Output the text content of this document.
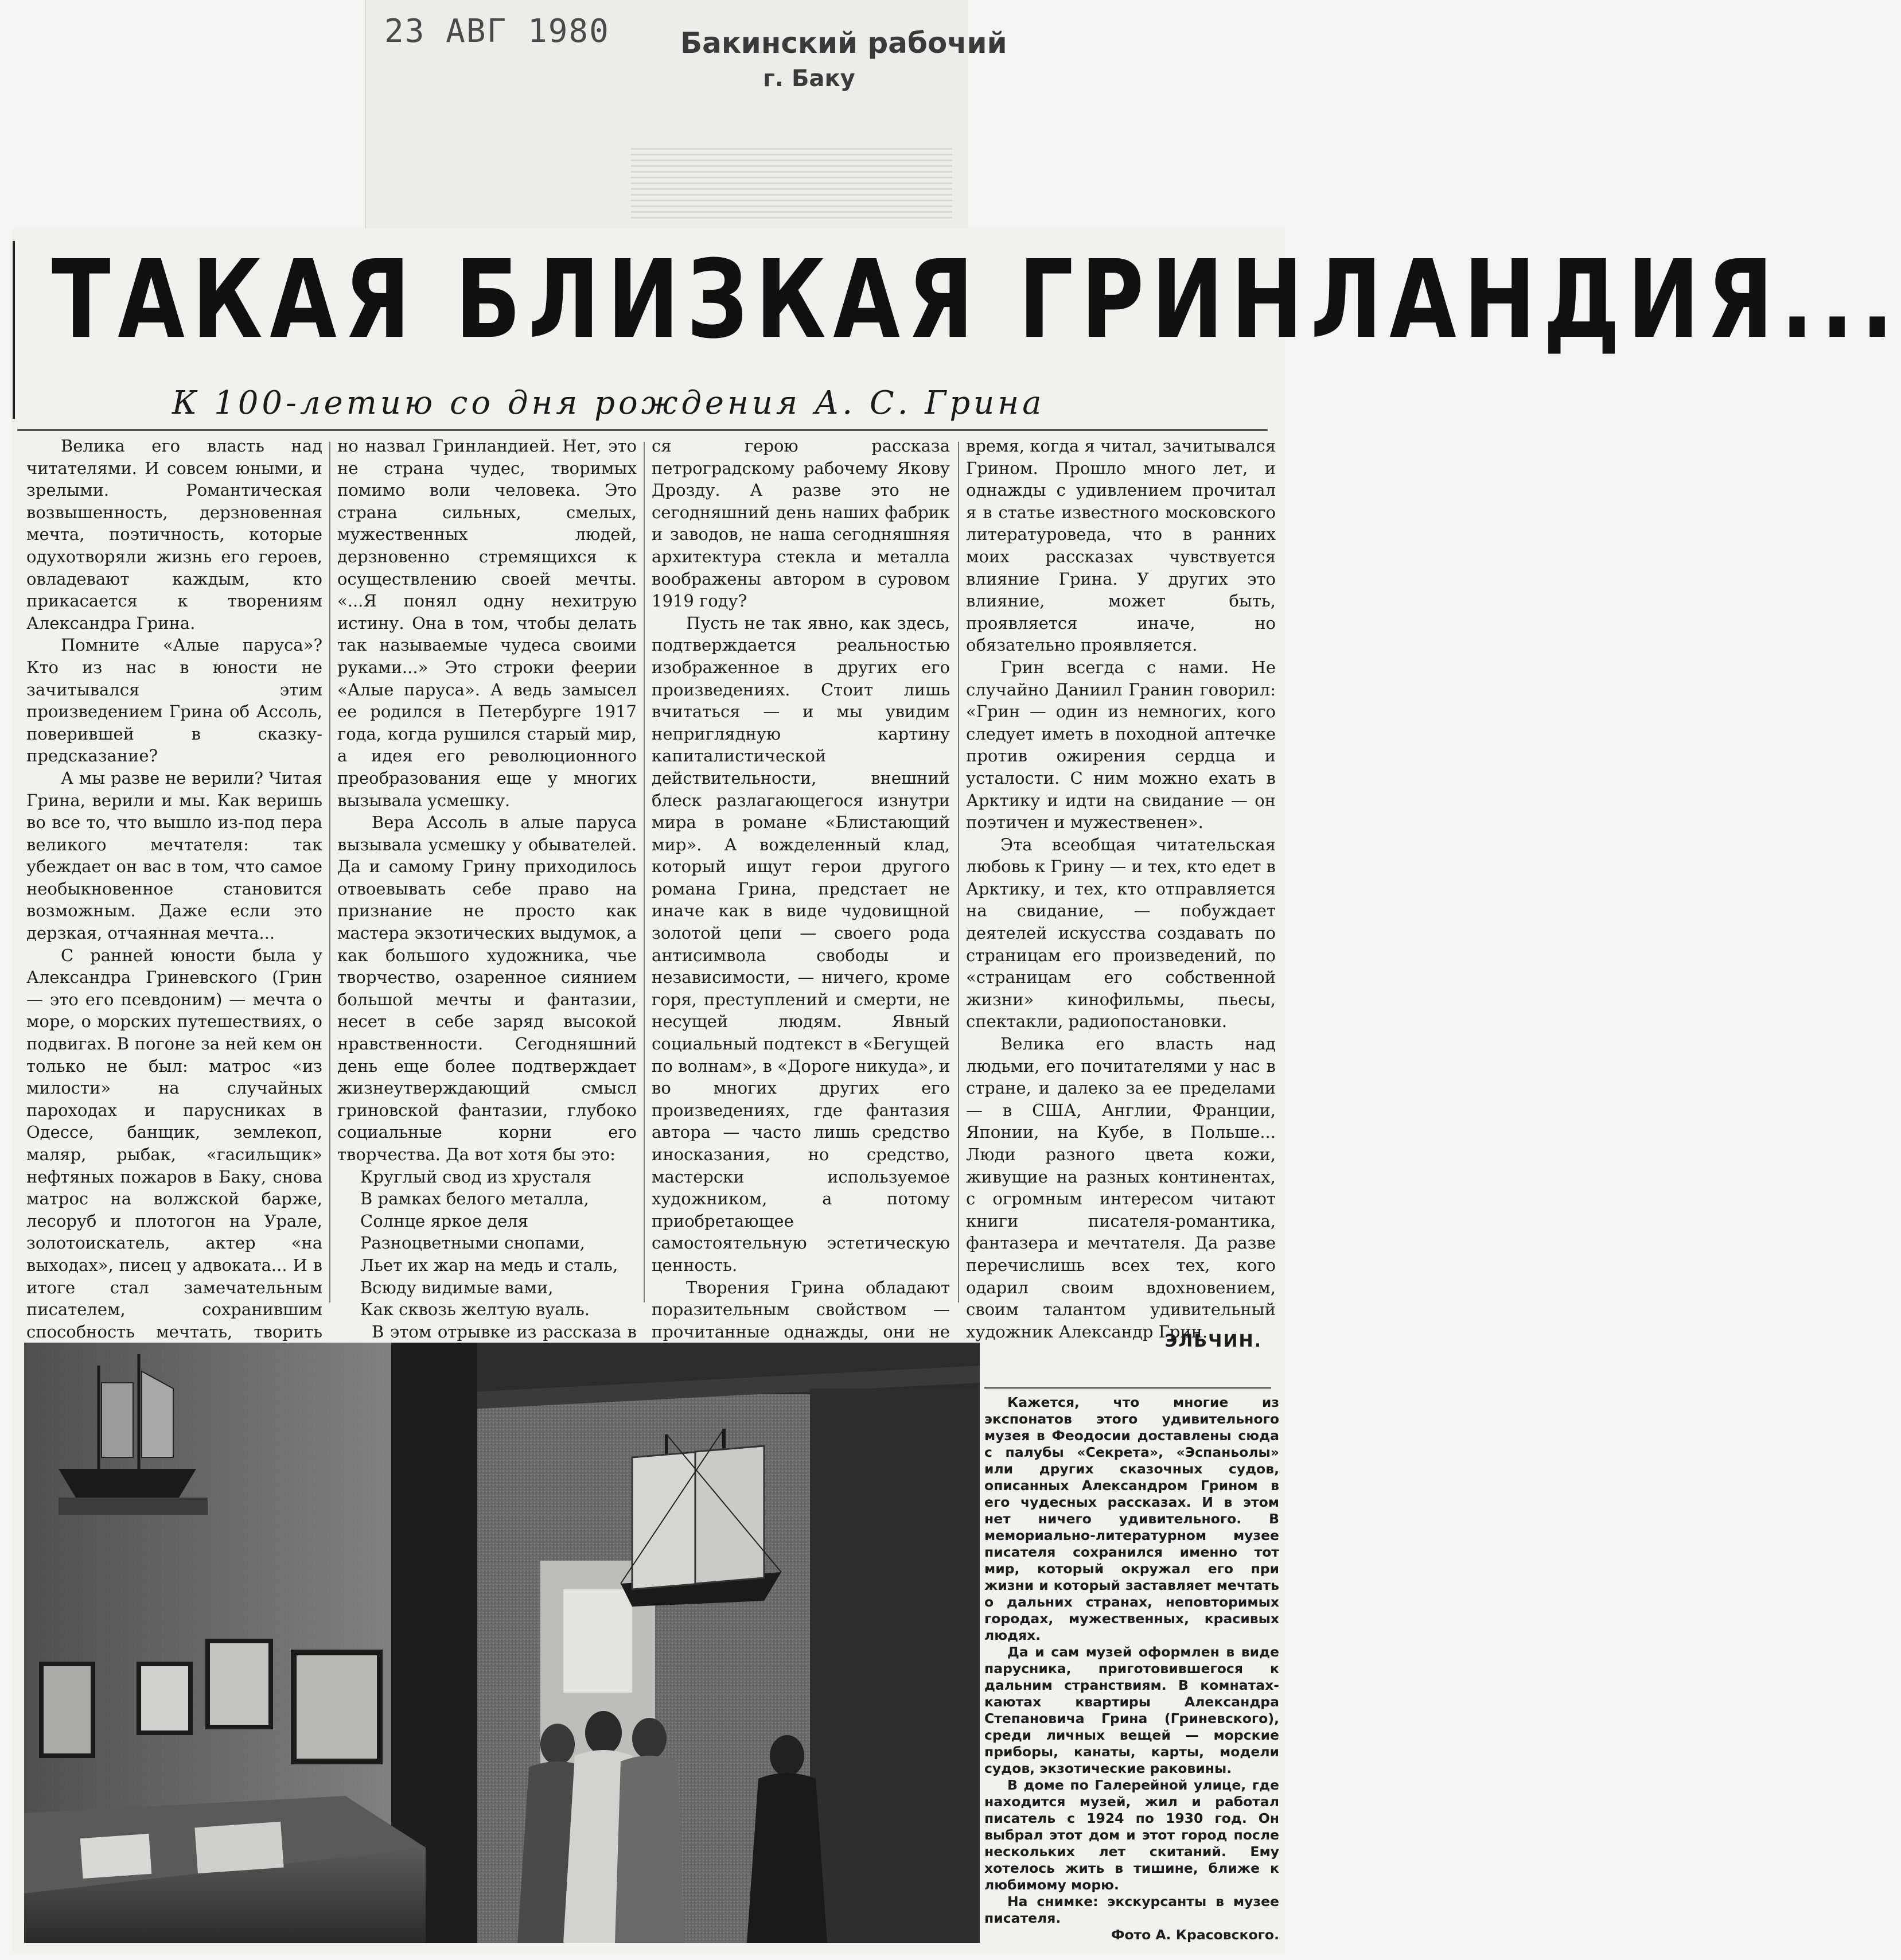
23 АВГ 1980 Бакинский рабочий
г. Баку
ТАКАЯ БЛИЗКАЯ ГРИНЛАНДИЯ...
К 100-летию со дня рождения А. С. Грина

Велика его власть над читателями. И совсем юными, и зрелыми. Романтическая возвышенность, дерзновенная мечта, поэтичность, которые одухотворяли жизнь его героев, овладевают каждым, кто прикасается к творениям Александра Грина.

Помните «Алые паруса»? Кто из нас в юности не зачитывался этим произведением Грина об Ассоль, поверившей в сказку-предсказание?

А мы разве не верили? Читая Грина, верили и мы. Как веришь во все то, что вышло из-под пера великого мечтателя: так убеждает он вас в том, что самое необыкновенное становится возможным. Даже если это дерзкая, отчаянная мечта...

С ранней юности была у Александра Гриневского (Грин — это его псевдоним) — мечта о море, о морских путешествиях, о подвигах. В погоне за ней кем он только не был: матрос «из милости» на случайных пароходах и парусниках в Одессе, банщик, землекоп, маляр, рыбак, «гасильщик» нефтяных пожаров в Баку, снова матрос на волжской барже, лесоруб и плотогон на Урале, золотоискатель, актер «на выходах», писец у адвоката... И в итоге стал замечательным писателем, сохранившим способность мечтать, творить

но назвал Гринландией. Нет, это не страна чудес, творимых помимо воли человека. Это страна сильных, смелых, мужественных людей, дерзновенно стремящихся к осуществлению своей мечты. «...Я понял одну нехитрую истину. Она в том, чтобы делать так называемые чудеса своими руками...» Это строки феерии «Алые паруса». А ведь замысел ее родился в Петербурге 1917 года, когда рушился старый мир, а идея его революционного преобразования еще у многих вызывала усмешку.

Вера Ассоль в алые паруса вызывала усмешку у обывателей. Да и самому Грину приходилось отвоевывать себе право на признание не просто как мастера экзотических выдумок, а как большого художника, чье творчество, озаренное сиянием большой мечты и фантазии, несет в себе заряд высокой нравственности. Сегодняшний день еще более подтверждает жизнеутверждающий смысл гриновской фантазии, глубоко социальные корни его творчества. Да вот хотя бы это:

Круглый свод из хрусталя

В рамках белого металла,

Солнце яркое деля

Разноцветными снопами,

Льет их жар на медь и сталь,

Всюду видимые вами,

Как сквозь желтую вуаль.

В этом отрывке из рассказа в

ся герою рассказа петроградскому рабочему Якову Дрозду. А разве это не сегодняшний день наших фабрик и заводов, не наша сегодняшняя архитектура стекла и металла воображены автором в суровом 1919 году?

Пусть не так явно, как здесь, подтверждается реальностью изображенное в других его произведениях. Стоит лишь вчитаться — и мы увидим неприглядную картину капиталистической действительности, внешний блеск разлагающегося изнутри мира в романе «Блистающий мир». А вожделенный клад, который ищут герои другого романа Грина, предстает не иначе как в виде чудовищной золотой цепи — своего рода антисимвола свободы и независимости, — ничего, кроме горя, преступлений и смерти, не несущей людям. Явный социальный подтекст в «Бегущей по волнам», в «Дороге никуда», и во многих других его произведениях, где фантазия автора — часто лишь средство иносказания, но средство, мастерски используемое художником, а потому приобретающее самостоятельную эстетическую ценность.

Творения Грина обладают поразительным свойством — прочитанные однажды, они не

время, когда я читал, зачитывался Грином. Прошло много лет, и однажды с удивлением прочитал я в статье известного московского литературоведа, что в ранних моих рассказах чувствуется влияние Грина. У других это влияние, может быть, проявляется иначе, но обязательно проявляется.

Грин всегда с нами. Не случайно Даниил Гранин говорил: «Грин — один из немногих, кого следует иметь в походной аптечке против ожирения сердца и усталости. С ним можно ехать в Арктику и идти на свидание — он поэтичен и мужественен».

Эта всеобщая читательская любовь к Грину — и тех, кто едет в Арктику, и тех, кто отправляется на свидание, — побуждает деятелей искусства создавать по страницам его произведений, по «страницам его собственной жизни» кинофильмы, пьесы, спектакли, радиопостановки.

Велика его власть над людьми, его почитателями у нас в стране, и далеко за ее пределами — в США, Англии, Франции, Японии, на Кубе, в Польше... Люди разного цвета кожи, живущие на разных континентах, с огромным интересом читают книги писателя-романтика, фантазера и мечтателя. Да разве перечислишь всех тех, кого одарил своим вдохновением, своим талантом удивительный художник Александр Грин.

ЭЛЬЧИН.

Кажется, что многие из экспонатов этого удивительного музея в Феодосии доставлены сюда с палубы «Секрета», «Эспаньолы» или других сказочных судов, описанных Александром Грином в его чудесных рассказах. И в этом нет ничего удивительного. В мемориально-литературном музее писателя сохранился именно тот мир, который окружал его при жизни и который заставляет мечтать о дальних странах, неповторимых городах, мужественных, красивых людях.

Да и сам музей оформлен в виде парусника, приготовившегося к дальним странствиям. В комнатах-каютах квартиры Александра Степановича Грина (Гриневского), среди личных вещей — морские приборы, канаты, карты, модели судов, экзотические раковины.

В доме по Галерейной улице, где находится музей, жил и работал писатель с 1924 по 1930 год. Он выбрал этот дом и этот город после нескольких лет скитаний. Ему хотелось жить в тишине, ближе к любимому морю.

На снимке: экскурсанты в музее писателя.

Фото А. Красовского.
